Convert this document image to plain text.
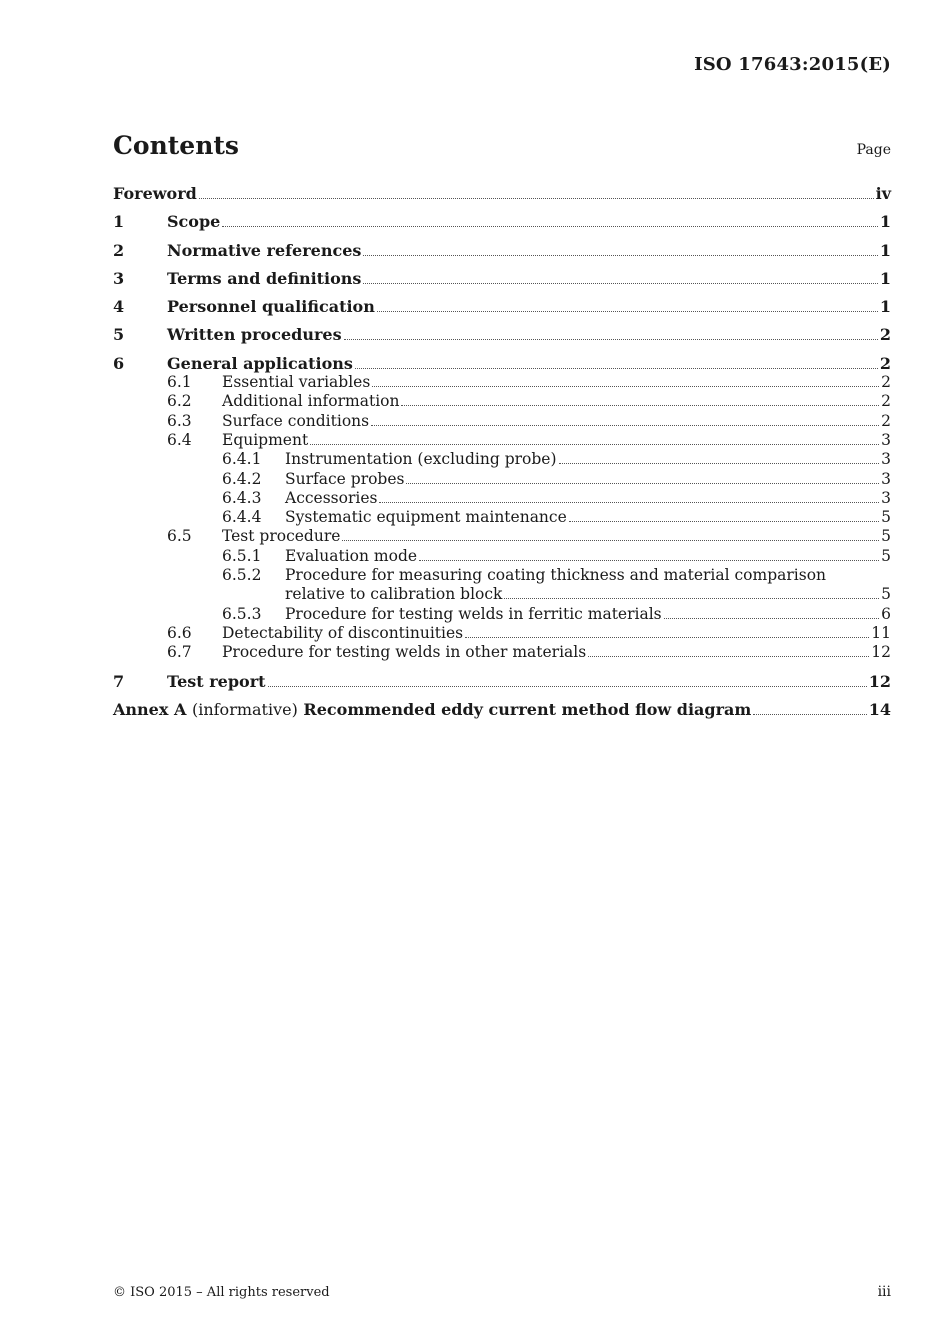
ISO 17643:2015(E)
Contents	Page
Foreword	iv
1	Scope	1
2	Normative references	1
3	Terms and definitions	1
4	Personnel qualification	1
5	Written procedures	2
6	General applications	2
6.1	Essential variables	2
6.2	Additional information	2
6.3	Surface conditions	2
6.4	Equipment	3
6.4.1	Instrumentation (excluding probe)	3
6.4.2	Surface probes	3
6.4.3	Accessories	3
6.4.4	Systematic equipment maintenance	5
6.5	Test procedure	5
6.5.1	Evaluation mode	5
6.5.2	Procedure for measuring coating thickness and material comparison
relative to calibration block	5
6.5.3	Procedure for testing welds in ferritic materials	6
6.6	Detectability of discontinuities	11
6.7	Procedure for testing welds in other materials	12
7	Test report	12
Annex A (informative) Recommended eddy current method flow diagram	14
© ISO 2015 – All rights reserved	iii
